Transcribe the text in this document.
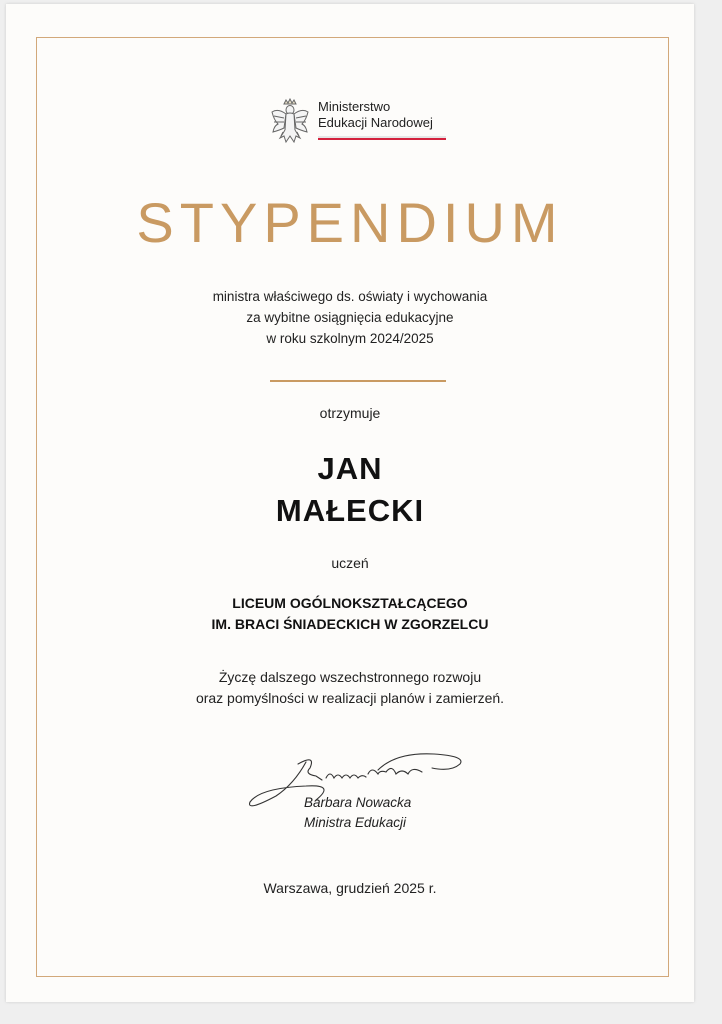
Ministerstwo
Edukacji Narodowej
STYPENDIUM
ministra właściwego ds. oświaty i wychowania
za wybitne osiągnięcia edukacyjne
w roku szkolnym 2024/2025
otrzymuje
JAN
MAŁECKI
uczeń
LICEUM OGÓLNOKSZTAŁCĄCEGO
IM. BRACI ŚNIADECKICH W ZGORZELCU
Życzę dalszego wszechstronnego rozwoju
oraz pomyślności w realizacji planów i zamierzeń.
Barbara Nowacka
Ministra Edukacji
Warszawa, grudzień 2025 r.
